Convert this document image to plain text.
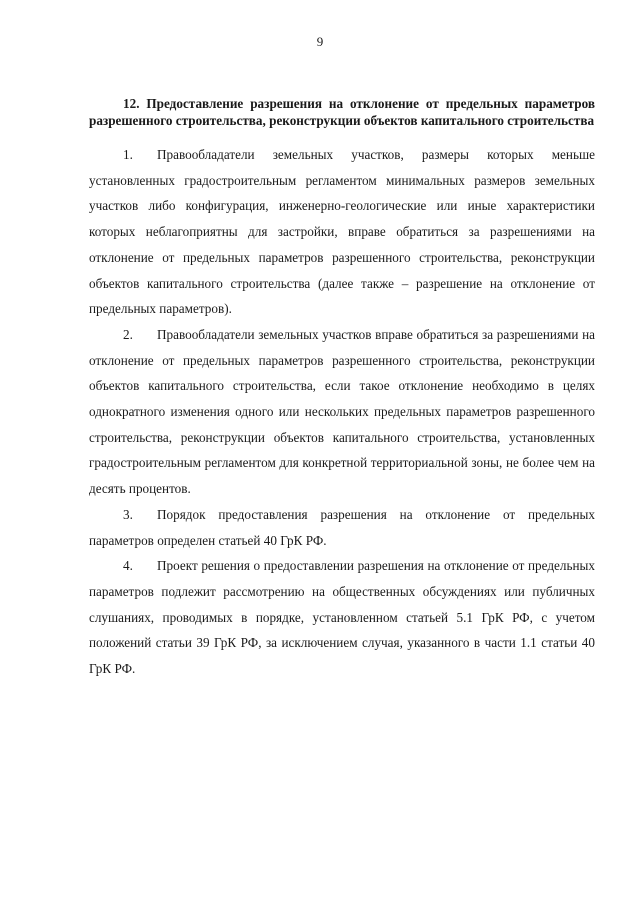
9

12. Предоставление разрешения на отклонение от предельных параметров разрешенного строительства, реконструкции объектов капитального строительства

1. Правообладатели земельных участков, размеры которых меньше установленных градостроительным регламентом минимальных размеров земельных участков либо конфигурация, инженерно-геологические или иные характеристики которых неблагоприятны для застройки, вправе обратиться за разрешениями на отклонение от предельных параметров разрешенного строительства, реконструкции объектов капитального строительства (далее также – разрешение на отклонение от предельных параметров).

2. Правообладатели земельных участков вправе обратиться за разрешениями на отклонение от предельных параметров разрешенного строительства, реконструкции объектов капитального строительства, если такое отклонение необходимо в целях однократного изменения одного или нескольких предельных параметров разрешенного строительства, реконструкции объектов капитального строительства, установленных градостроительным регламентом для конкретной территориальной зоны, не более чем на десять процентов.

3. Порядок предоставления разрешения на отклонение от предельных параметров определен статьей 40 ГрК РФ.

4. Проект решения о предоставлении разрешения на отклонение от предельных параметров подлежит рассмотрению на общественных обсуждениях или публичных слушаниях, проводимых в порядке, установленном статьей 5.1 ГрК РФ, с учетом положений статьи 39 ГрК РФ, за исключением случая, указанного в части 1.1 статьи 40 ГрК РФ.
